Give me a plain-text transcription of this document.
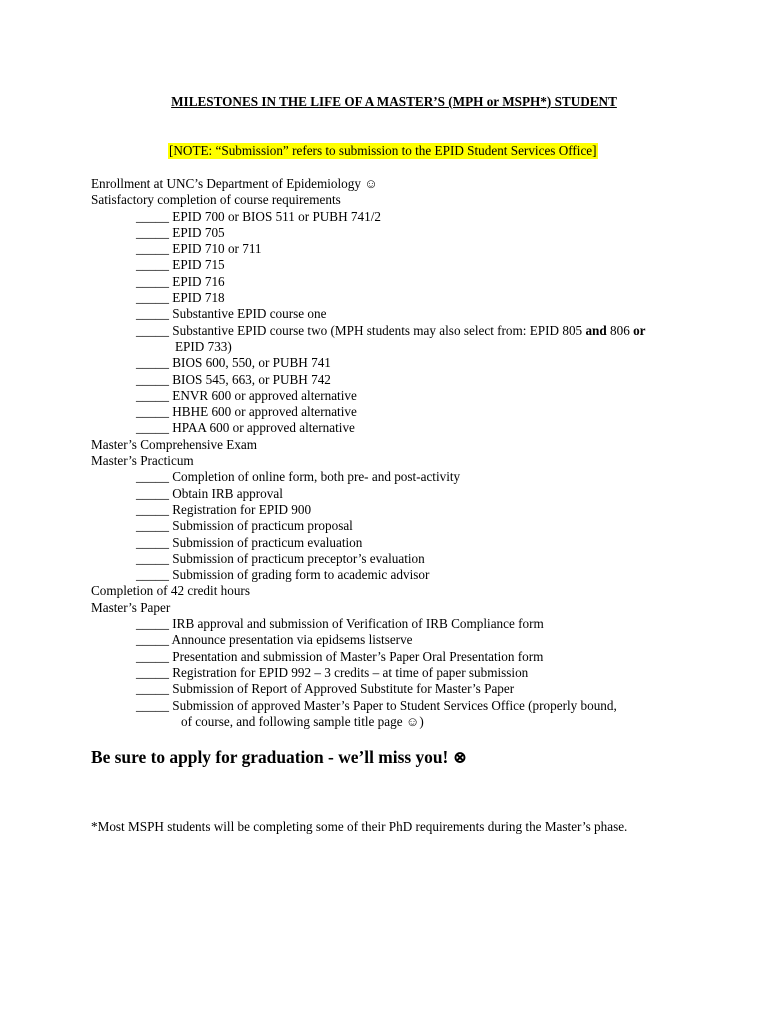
MILESTONES IN THE LIFE OF A MASTER’S (MPH or MSPH*) STUDENT
[NOTE: “Submission” refers to submission to the EPID Student Services Office]
Enrollment at UNC’s Department of Epidemiology ☺
Satisfactory completion of course requirements
_____ EPID 700 or BIOS 511 or PUBH 741/2
_____ EPID 705
_____ EPID 710 or 711
_____ EPID 715
_____ EPID 716
_____ EPID 718
_____ Substantive EPID course one
_____ Substantive EPID course two (MPH students may also select from: EPID 805 and 806 or
EPID 733)
_____ BIOS 600, 550, or PUBH 741
_____ BIOS 545, 663, or PUBH 742
_____ ENVR 600 or approved alternative
_____ HBHE 600 or approved alternative
_____ HPAA 600 or approved alternative
Master’s Comprehensive Exam
Master’s Practicum
_____ Completion of online form, both pre- and post-activity
_____ Obtain IRB approval
_____ Registration for EPID 900
_____ Submission of practicum proposal
_____ Submission of practicum evaluation
_____ Submission of practicum preceptor’s evaluation
_____ Submission of grading form to academic advisor
Completion of 42 credit hours
Master’s Paper
_____ IRB approval and submission of Verification of IRB Compliance form
_____ Announce presentation via epidsems listserve
_____ Presentation and submission of Master’s Paper Oral Presentation form
_____ Registration for EPID 992 – 3 credits – at time of paper submission
_____ Submission of Report of Approved Substitute for Master’s Paper
_____ Submission of approved Master’s Paper to Student Services Office (properly bound,
of course, and following sample title page ☺)
Be sure to apply for graduation - we’ll miss you! ⊗
*Most MSPH students will be completing some of their PhD requirements during the Master’s phase.
